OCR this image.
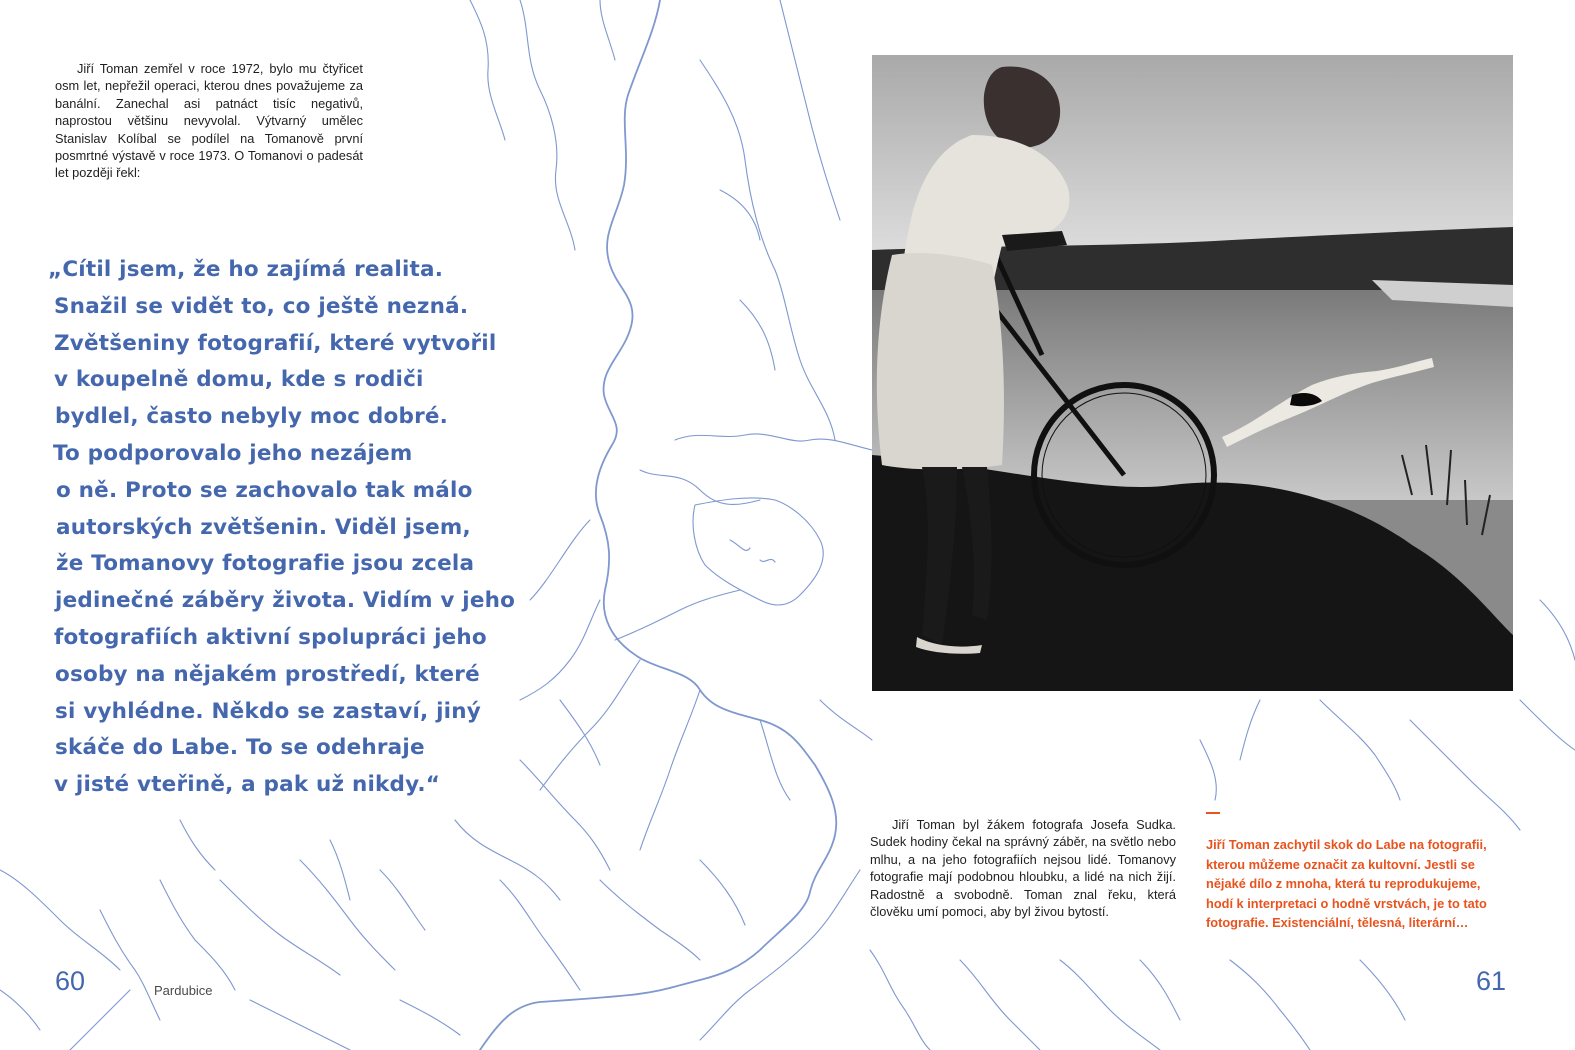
Jiří Toman zemřel v roce 1972, bylo mu čtyřicet osm let, nepřežil operaci, kterou dnes považujeme za banální. Zanechal asi patnáct tisíc negativů, naprostou většinu nevyvolal. Výtvarný umělec Stanislav Kolíbal se podílel na Tomanově první posmrtné výstavě v roce 1973. O Tomanovi o padesát let později řekl:

„Cítil jsem, že ho zajímá realita.
Snažil se vidět to, co ještě nezná.
Zvětšeniny fotografií, které vytvořil
v koupelně domu, kde s rodiči
bydlel, často nebyly moc dobré.
To podporovalo jeho nezájem
o ně. Proto se zachovalo tak málo
autorských zvětšenin. Viděl jsem,
že Tomanovy fotografie jsou zcela
jedinečné záběry života. Vidím v jeho
fotografiích aktivní spolupráci jeho
osoby na nějakém prostředí, které
si vyhlédne. Někdo se zastaví, jiný
skáče do Labe. To se odehraje
v jisté vteřině, a pak už nikdy.“

Jiří Toman byl žákem fotografa Josefa Sudka. Sudek hodiny čekal na správný záběr, na světlo nebo mlhu, a na jeho fotografiích nejsou lidé. Tomanovy fotografie mají podobnou hloubku, a lidé na nich žijí. Radostně a svobodně. Toman znal řeku, která člověku umí pomoci, aby byl živou bytostí.

Jiří Toman zachytil skok do Labe na fotografii, kterou můžeme označit za kultovní. Jestli se nějaké dílo z mnoha, která tu reprodukujeme, hodí k interpretaci o hodně vrstvách, je to tato fotografie. Existenciální, tělesná, literární…

60	Pardubice	61
